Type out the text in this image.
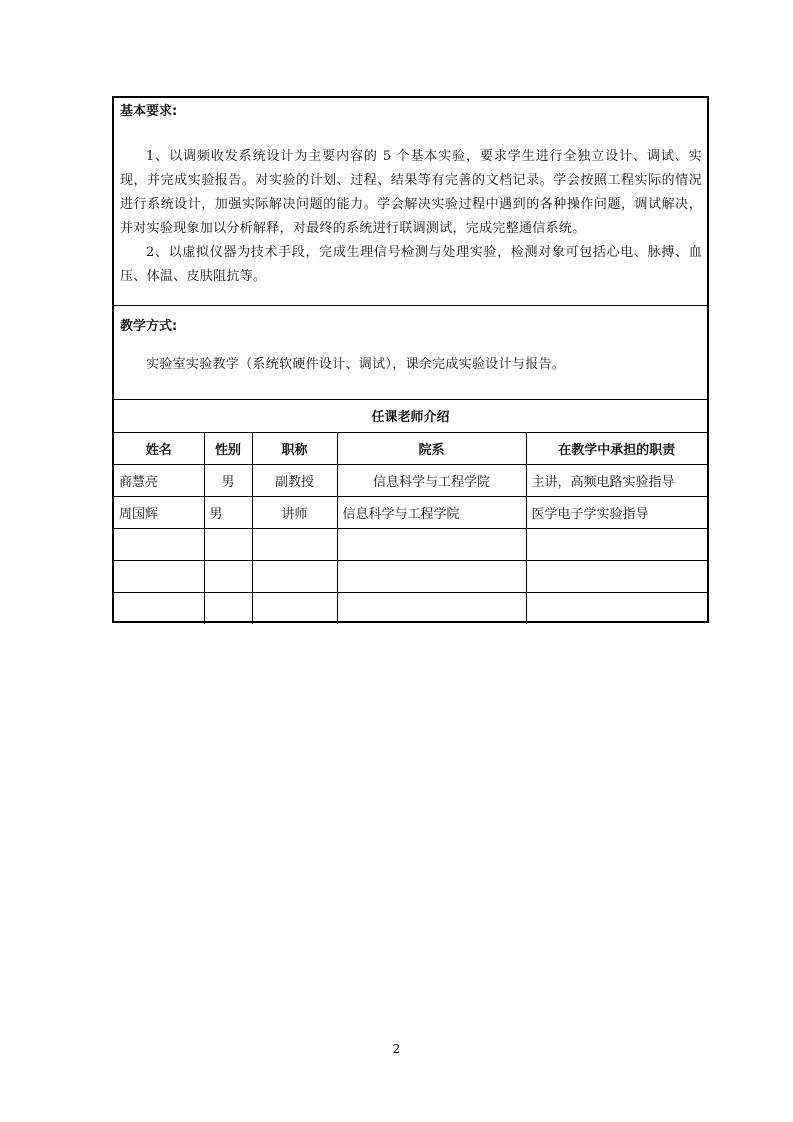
基本要求:

1、以调频收发系统设计为主要内容的 5 个基本实验，要求学生进行全独立设计、调试、实现，并完成实验报告。对实验的计划、过程、结果等有完善的文档记录。学会按照工程实际的情况进行系统设计，加强实际解决问题的能力。学会解决实验过程中遇到的各种操作问题，调试解决，并对实验现象加以分析解释，对最终的系统进行联调测试，完成完整通信系统。

2、以虚拟仪器为技术手段，完成生理信号检测与处理实验，检测对象可包括心电、脉搏、血压、体温、皮肤阻抗等。

教学方式:

实验室实验教学（系统软硬件设计、调试），课余完成实验设计与报告。

任课老师介绍				
姓名	性别	职称	院系	在教学中承担的职责
商慧亮	男	副教授	信息科学与工程学院	主讲，高频电路实验指导
周国辉	男	讲师	信息科学与工程学院	医学电子学实验指导

2
